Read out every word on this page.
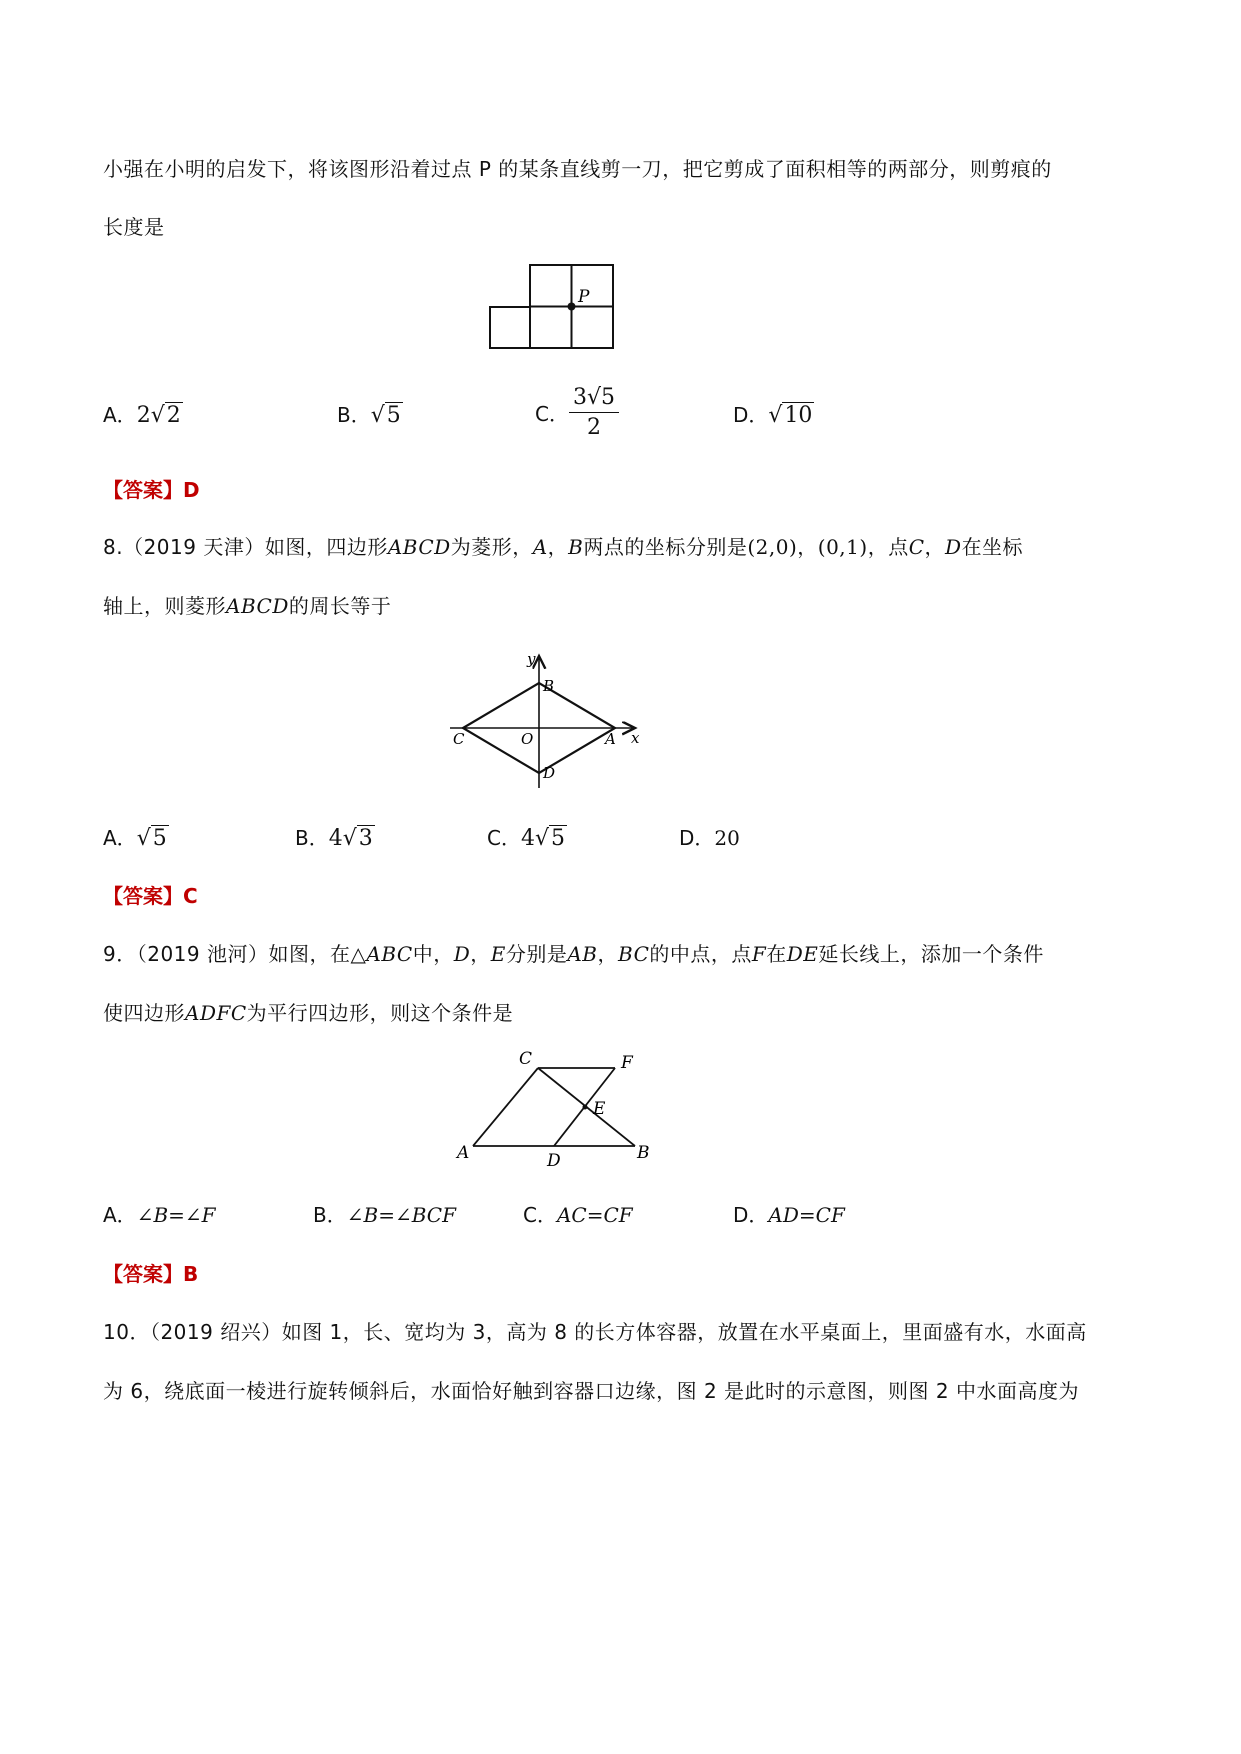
小强在小明的启发下，将该图形沿着过点 P 的某条直线剪一刀，把它剪成了面积相等的两部分，则剪痕的
长度是
P
A．2√2	B．√5	C． $\frac{3√5}{2}$	D．√10
【答案】D
8.（2019 天津）如图，四边形ABCD为菱形，A，B两点的坐标分别是(2,0)，(0,1)，点C，D在坐标
轴上，则菱形ABCD的周长等于
y
x
B
C	O	A
D
A．√5	B．4√3	C．4√5	D．20
【答案】C
9．（2019 池河）如图，在△ABC中，D，E分别是AB，BC的中点，点F在DE延长线上，添加一个条件
使四边形ADFC为平行四边形，则这个条件是
C	F
E
A	D	B
A．∠B=∠F	B．∠B=∠BCF	C．AC=CF	D．AD=CF
【答案】B
10．（2019 绍兴）如图 1，长、宽均为 3，高为 8 的长方体容器，放置在水平桌面上，里面盛有水，水面高
为 6，绕底面一棱进行旋转倾斜后，水面恰好触到容器口边缘，图 2 是此时的示意图，则图 2 中水面高度为
